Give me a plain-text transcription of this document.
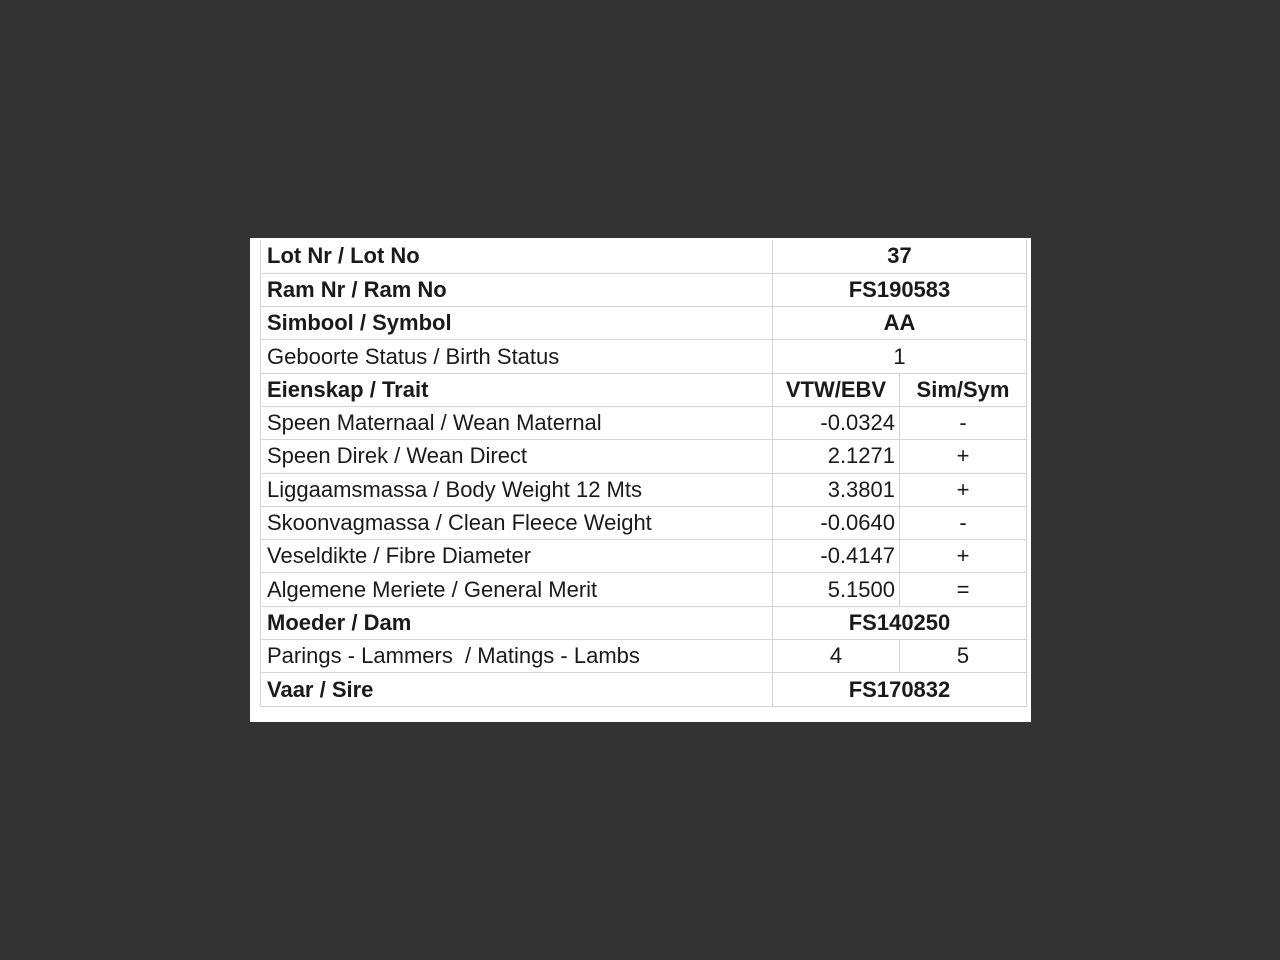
Lot Nr / Lot No	37	
Ram Nr / Ram No	FS190583	
Simbool / Symbol	AA	
Geboorte Status / Birth Status	1	
Eienskap / Trait	VTW/EBV	Sim/Sym
Speen Maternaal / Wean Maternal	-0.0324	-
Speen Direk / Wean Direct	2.1271	+
Liggaamsmassa / Body Weight 12 Mts	3.3801	+
Skoonvagmassa / Clean Fleece Weight	-0.0640	-
Veseldikte / Fibre Diameter	-0.4147	+
Algemene Meriete / General Merit	5.1500	=
Moeder / Dam	FS140250	
Parings - Lammers  / Matings - Lambs	4	5
Vaar / Sire	FS170832	
